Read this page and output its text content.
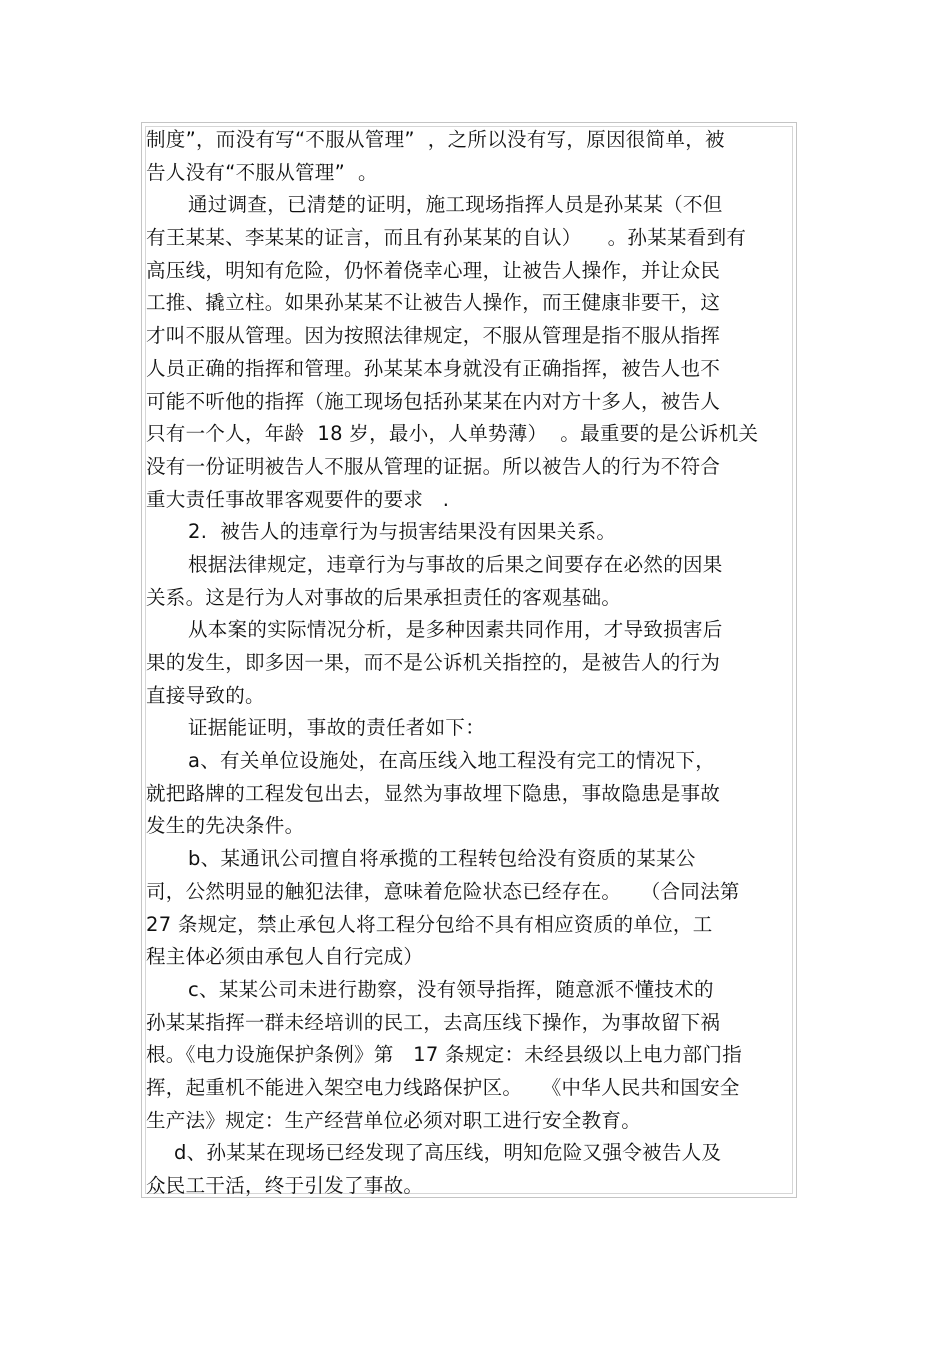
制度”，而没有写“不服从管理”  ，之所以没有写，原因很简单，被
告人没有“不服从管理”  。
通过调查，已清楚的证明，施工现场指挥人员是孙某某（不但
有王某某、李某某的证言，而且有孙某某的自认）    。孙某某看到有
高压线，明知有危险，仍怀着侥幸心理，让被告人操作，并让众民
工推、撬立柱。如果孙某某不让被告人操作，而王健康非要干，这
才叫不服从管理。因为按照法律规定，不服从管理是指不服从指挥
人员正确的指挥和管理。孙某某本身就没有正确指挥，被告人也不
可能不听他的指挥（施工现场包括孙某某在内对方十多人，被告人
只有一个人，年龄  18 岁，最小，人单势薄）  。最重要的是公诉机关
没有一份证明被告人不服从管理的证据。所以被告人的行为不符合
重大责任事故罪客观要件的要求   .
2.  被告人的违章行为与损害结果没有因果关系。
根据法律规定，违章行为与事故的后果之间要存在必然的因果
关系。这是行为人对事故的后果承担责任的客观基础。
从本案的实际情况分析，是多种因素共同作用，才导致损害后
果的发生，即多因一果，而不是公诉机关指控的，是被告人的行为
直接导致的。
证据能证明，事故的责任者如下：
a、有关单位设施处，在高压线入地工程没有完工的情况下，
就把路牌的工程发包出去，显然为事故埋下隐患，事故隐患是事故
发生的先决条件。
b、某通讯公司擅自将承揽的工程转包给没有资质的某某公
司，公然明显的触犯法律，意味着危险状态已经存在。   （合同法第
27 条规定，禁止承包人将工程分包给不具有相应资质的单位，工
程主体必须由承包人自行完成）
c、某某公司未进行勘察，没有领导指挥，随意派不懂技术的
孙某某指挥一群未经培训的民工，去高压线下操作，为事故留下祸
根。《电力设施保护条例》第   17 条规定：未经县级以上电力部门指
挥，起重机不能进入架空电力线路保护区。   《中华人民共和国安全
生产法》规定：生产经营单位必须对职工进行安全教育。
d、孙某某在现场已经发现了高压线，明知危险又强令被告人及
众民工干活，终于引发了事故。
